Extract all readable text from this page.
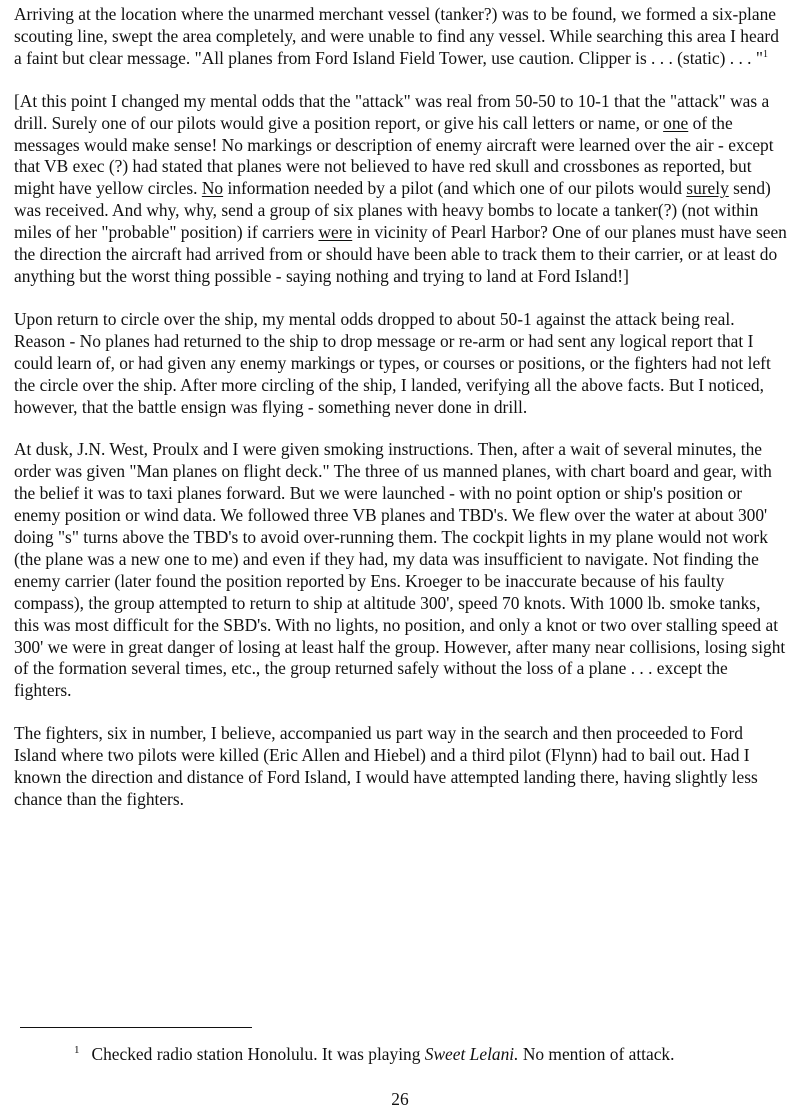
Arriving at the location where the unarmed merchant vessel (tanker?) was to be found, we formed a six-plane scouting line, swept the area completely, and were unable to find any vessel. While searching this area I heard a faint but clear message. "All planes from Ford Island Field Tower, use caution. Clipper is . . . (static) . . . "$^1$

[At this point I changed my mental odds that the "attack" was real from 50-50 to 10-1 that the "attack" was a drill. Surely one of our pilots would give a position report, or give his call letters or name, or one of the messages would make sense! No markings or description of enemy aircraft were learned over the air - except that VB exec (?) had stated that planes were not believed to have red skull and crossbones as reported, but might have yellow circles. No information needed by a pilot (and which one of our pilots would surely send) was received. And why, why, send a group of six planes with heavy bombs to locate a tanker(?) (not within miles of her "probable" position) if carriers were in vicinity of Pearl Harbor? One of our planes must have seen the direction the aircraft had arrived from or should have been able to track them to their carrier, or at least do anything but the worst thing possible - saying nothing and trying to land at Ford Island!]

Upon return to circle over the ship, my mental odds dropped to about 50-1 against the attack being real. Reason - No planes had returned to the ship to drop message or re-arm or had sent any logical report that I could learn of, or had given any enemy markings or types, or courses or positions, or the fighters had not left the circle over the ship. After more circling of the ship, I landed, verifying all the above facts. But I noticed, however, that the battle ensign was flying - something never done in drill.

At dusk, J.N. West, Proulx and I were given smoking instructions. Then, after a wait of several minutes, the order was given "Man planes on flight deck." The three of us manned planes, with chart board and gear, with the belief it was to taxi planes forward. But we were launched - with no point option or ship's position or enemy position or wind data. We followed three VB planes and TBD's. We flew over the water at about 300' doing "s" turns above the TBD's to avoid over-running them. The cockpit lights in my plane would not work (the plane was a new one to me) and even if they had, my data was insufficient to navigate. Not finding the enemy carrier (later found the position reported by Ens. Kroeger to be inaccurate because of his faulty compass), the group attempted to return to ship at altitude 300', speed 70 knots. With 1000 lb. smoke tanks, this was most difficult for the SBD's. With no lights, no position, and only a knot or two over stalling speed at 300' we were in great danger of losing at least half the group. However, after many near collisions, losing sight of the formation several times, etc., the group returned safely without the loss of a plane . . . except the fighters.

The fighters, six in number, I believe, accompanied us part way in the search and then proceeded to Ford Island where two pilots were killed (Eric Allen and Hiebel) and a third pilot (Flynn) had to bail out. Had I known the direction and distance of Ford Island, I would have attempted landing there, having slightly less chance than the fighters.

$^1$ Checked radio station Honolulu. It was playing Sweet Lelani. No mention of attack.

26
